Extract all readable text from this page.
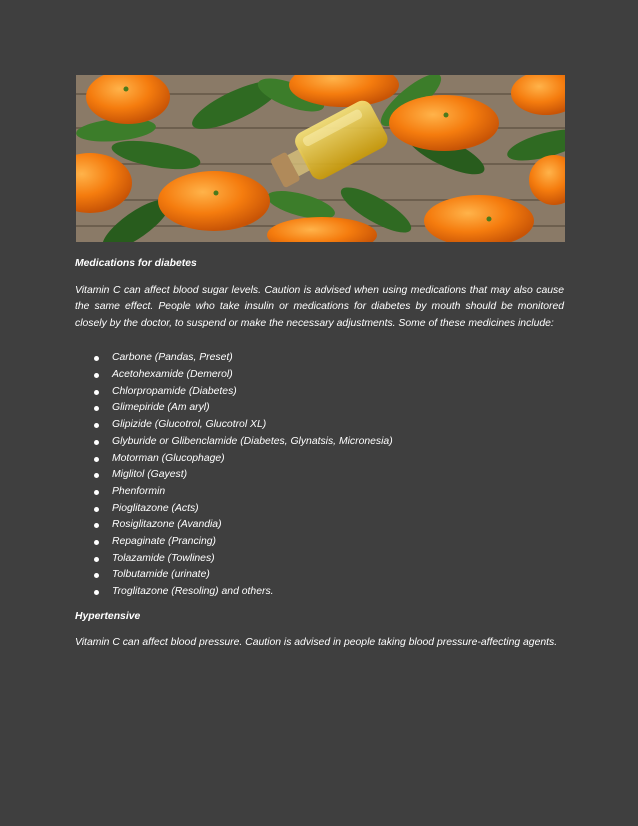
Medications for diabetes

Vitamin C can affect blood sugar levels. Caution is advised when using medications that may also cause the same effect. People who take insulin or medications for diabetes by mouth should be monitored closely by the doctor, to suspend or make the necessary adjustments. Some of these medicines include:

Carbone (Pandas, Preset)
Acetohexamide (Demerol)
Chlorpropamide (Diabetes)
Glimepiride (Am aryl)
Glipizide (Glucotrol, Glucotrol XL)
Glyburide or Glibenclamide (Diabetes, Glynatsis, Micronesia)
Motorman (Glucophage)
Miglitol (Gayest)
Phenformin
Pioglitazone (Acts)
Rosiglitazone (Avandia)
Repaginate (Prancing)
Tolazamide (Towlines)
Tolbutamide (urinate)
Troglitazone (Resoling) and others.

Hypertensive

Vitamin C can affect blood pressure. Caution is advised in people taking blood pressure-affecting agents.
